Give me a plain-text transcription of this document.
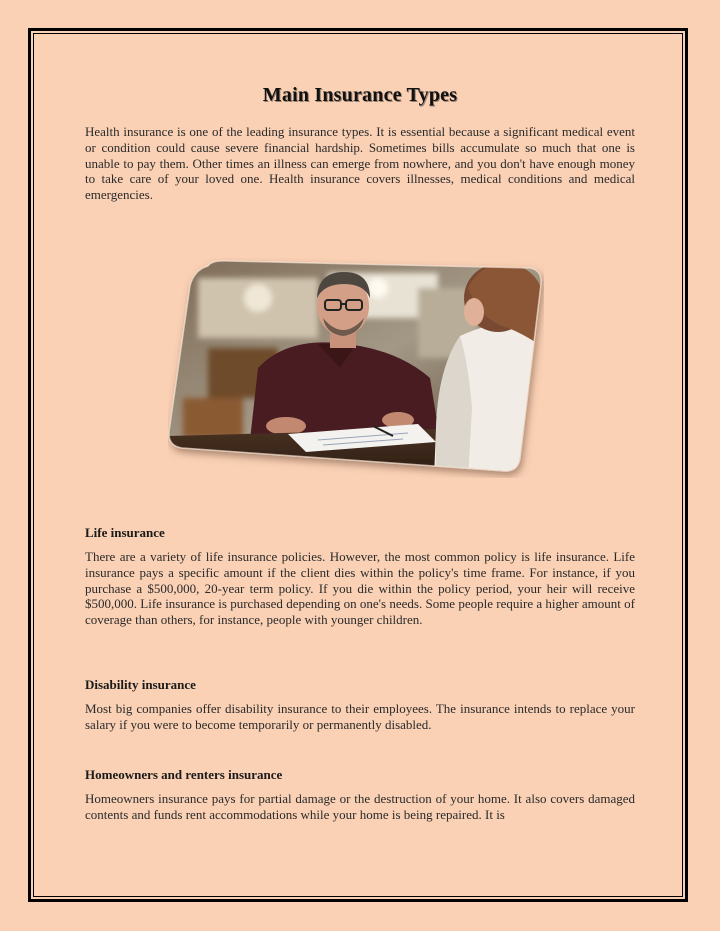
Main Insurance Types

Health insurance is one of the leading insurance types. It is essential because a significant medical event or condition could cause severe financial hardship. Sometimes bills accumulate so much that one is unable to pay them. Other times an illness can emerge from nowhere, and you don't have enough money to take care of your loved one. Health insurance covers illnesses, medical conditions and medical emergencies.

Life insurance

There are a variety of life insurance policies. However, the most common policy is life insurance. Life insurance pays a specific amount if the client dies within the policy's time frame. For instance, if you purchase a $500,000, 20-year term policy. If you die within the policy period, your heir will receive $500,000. Life insurance is purchased depending on one's needs. Some people require a higher amount of coverage than others, for instance, people with younger children.

Disability insurance

Most big companies offer disability insurance to their employees. The insurance intends to replace your salary if you were to become temporarily or permanently disabled.

Homeowners and renters insurance

Homeowners insurance pays for partial damage or the destruction of your home. It also covers damaged contents and funds rent accommodations while your home is being repaired. It is
